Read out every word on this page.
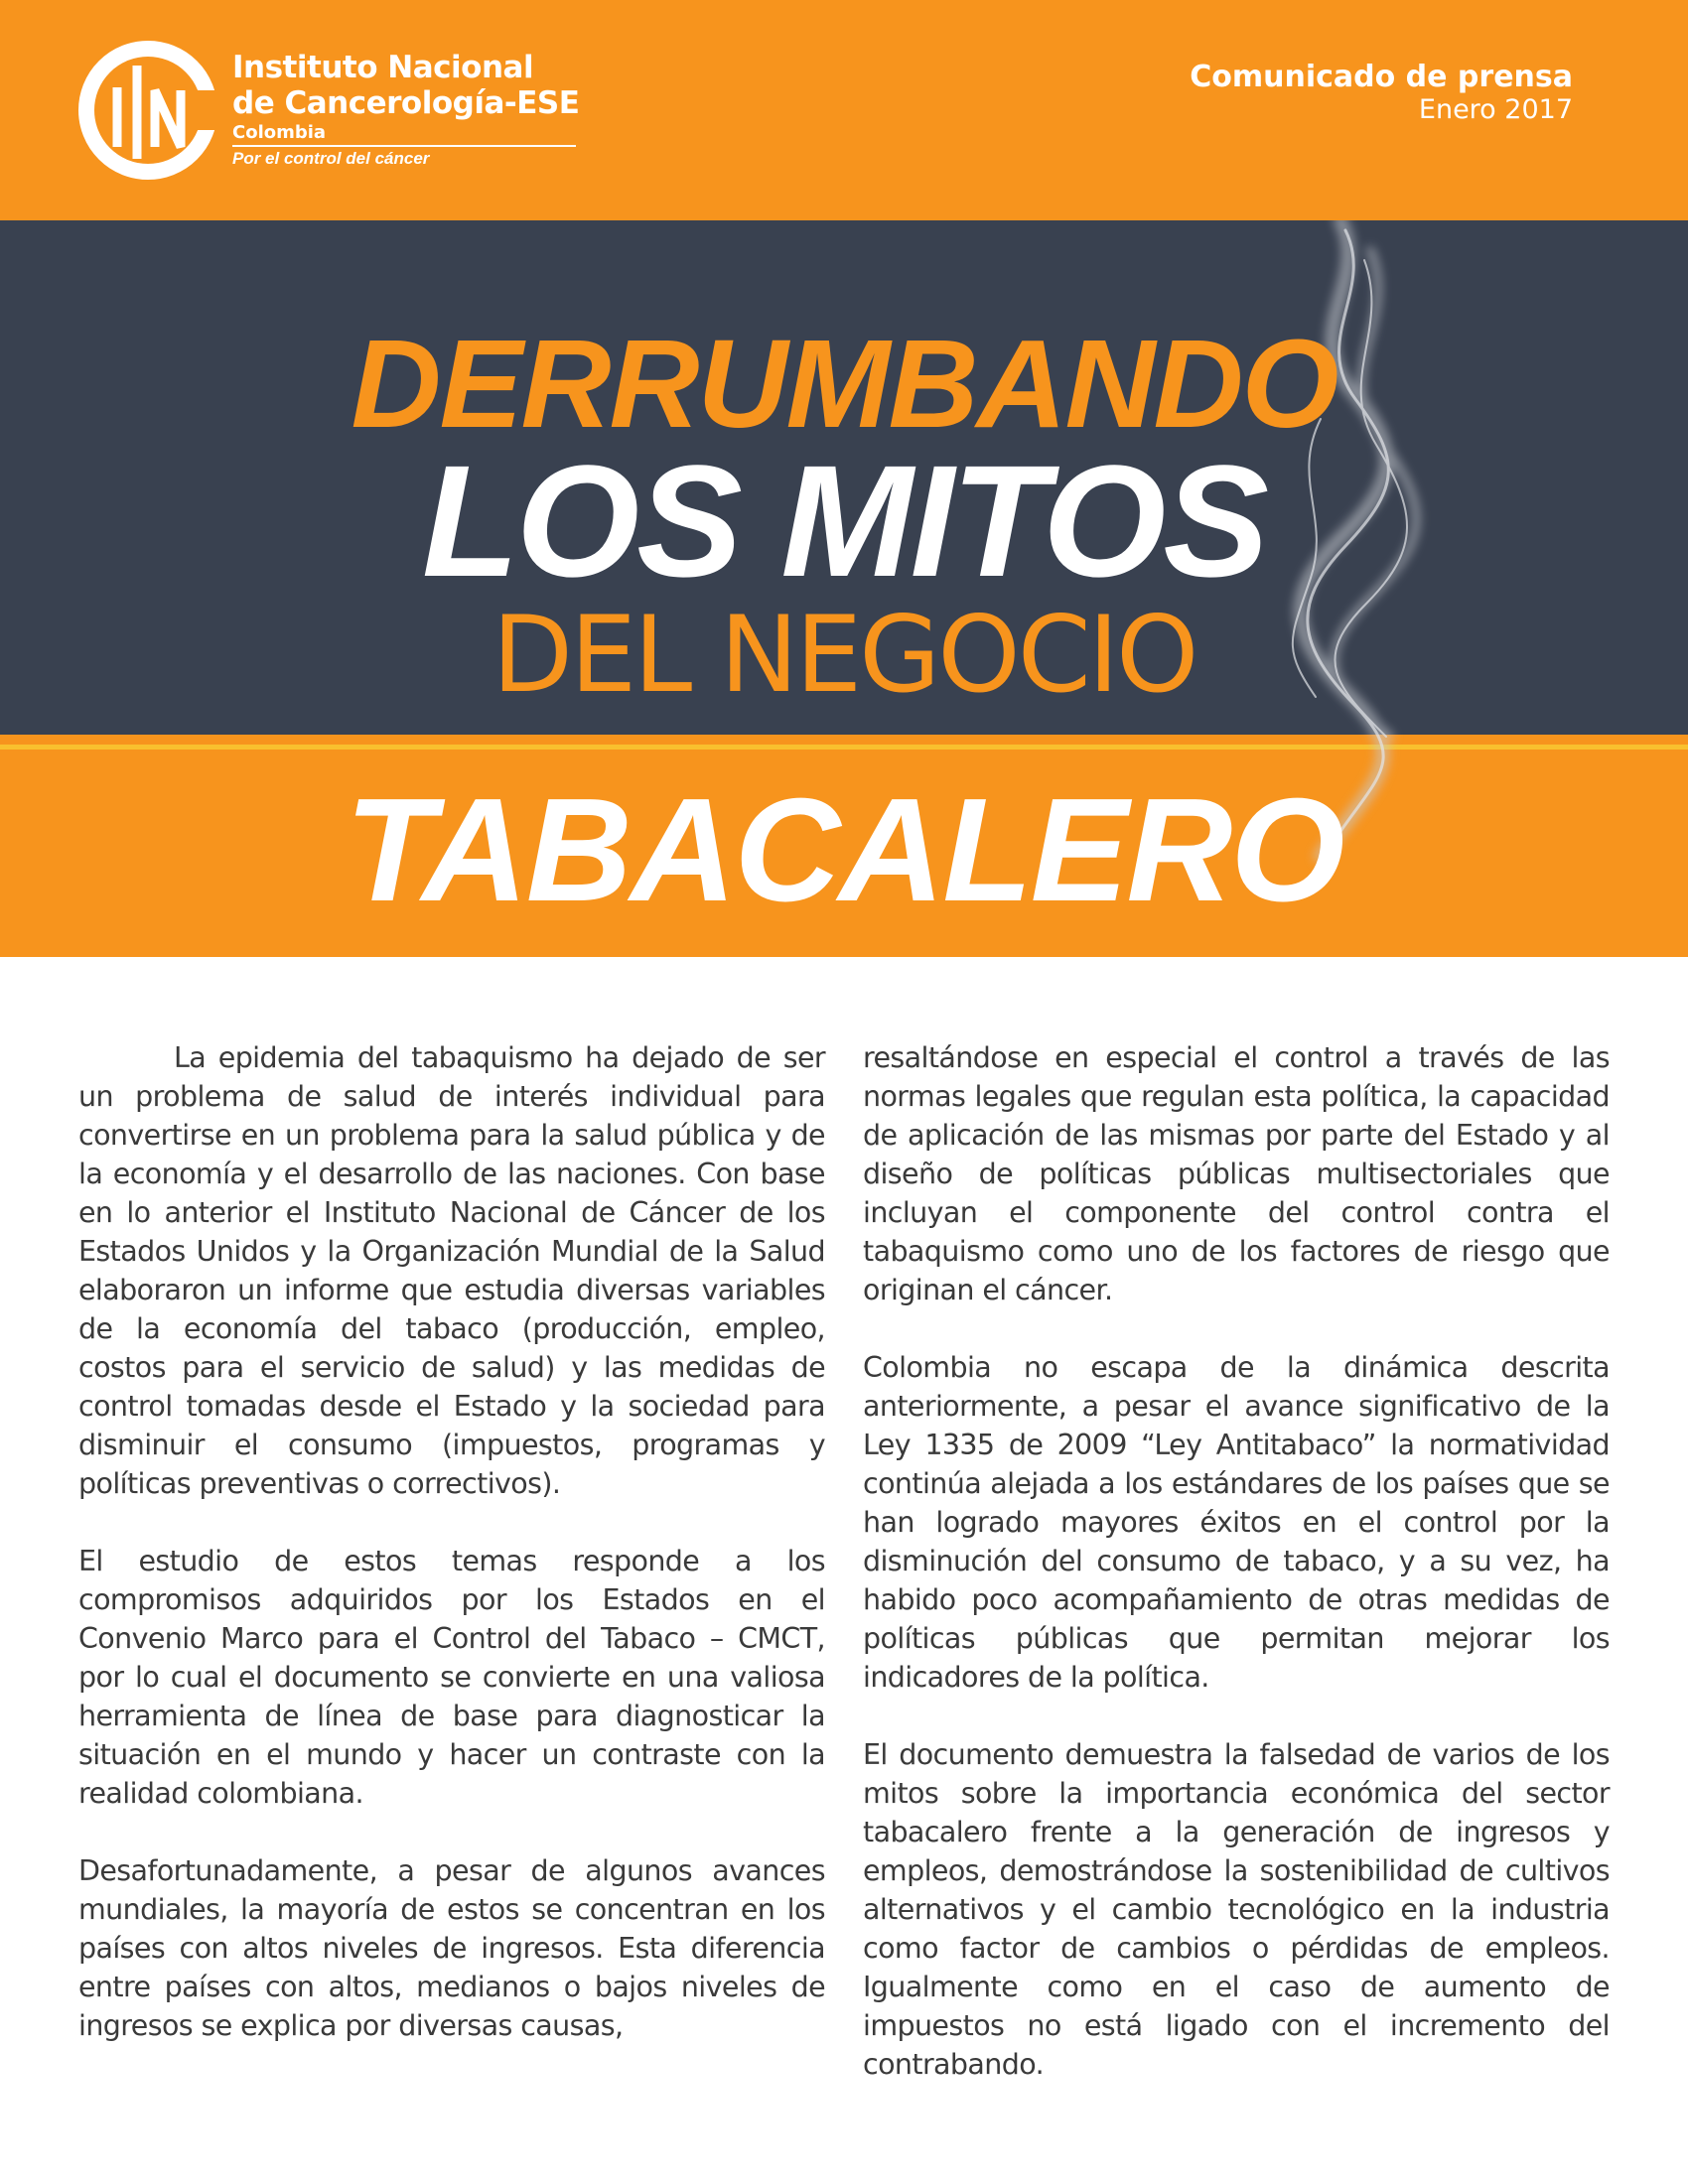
Instituto Nacional
de Cancerología-ESE
Colombia
Por el control del cáncer
Comunicado de prensa
Enero 2017
DERRUMBANDO
LOS MITOS
DEL NEGOCIO
TABACALERO

La epidemia del tabaquismo ha dejado de ser un problema de salud de interés individual para convertirse en un problema para la salud pública y de la economía y el desarrollo de las naciones. Con base en lo anterior el Instituto Nacional de Cáncer de los Estados Unidos y la Organización Mundial de la Salud elaboraron un informe que estudia diversas variables de la economía del tabaco (producción, empleo, costos para el servicio de salud) y las medidas de control tomadas desde el Estado y la sociedad para disminuir el consumo (impuestos, programas y políticas preventivas o correctivos).

El estudio de estos temas responde a los compromisos adquiridos por los Estados en el Convenio Marco para el Control del Tabaco – CMCT, por lo cual el documento se convierte en una valiosa herramienta de línea de base para diagnosticar la situación en el mundo y hacer un contraste con la realidad colombiana.

Desafortunadamente, a pesar de algunos avances mundiales, la mayoría de estos se concentran en los países con altos niveles de ingresos. Esta diferencia entre países con altos, medianos o bajos niveles de ingresos se explica por diversas causas,

resaltándose en especial el control a través de las normas legales que regulan esta política, la capacidad de aplicación de las mismas por parte del Estado y al diseño de políticas públicas multisectoriales que incluyan el componente del control contra el tabaquismo como uno de los factores de riesgo que originan el cáncer.

Colombia no escapa de la dinámica descrita anteriormente, a pesar el avance significativo de la Ley 1335 de 2009 “Ley Antitabaco” la normatividad continúa alejada a los estándares de los países que se han logrado mayores éxitos en el control por la disminución del consumo de tabaco, y a su vez, ha habido poco acompañamiento de otras medidas de políticas públicas que permitan mejorar los indicadores de la política.

El documento demuestra la falsedad de varios de los mitos sobre la importancia económica del sector tabacalero frente a la generación de ingresos y empleos, demostrándose la sostenibilidad de cultivos alternativos y el cambio tecnológico en la industria como factor de cambios o pérdidas de empleos. Igualmente como en el caso de aumento de impuestos no está ligado con el incremento del contrabando.
